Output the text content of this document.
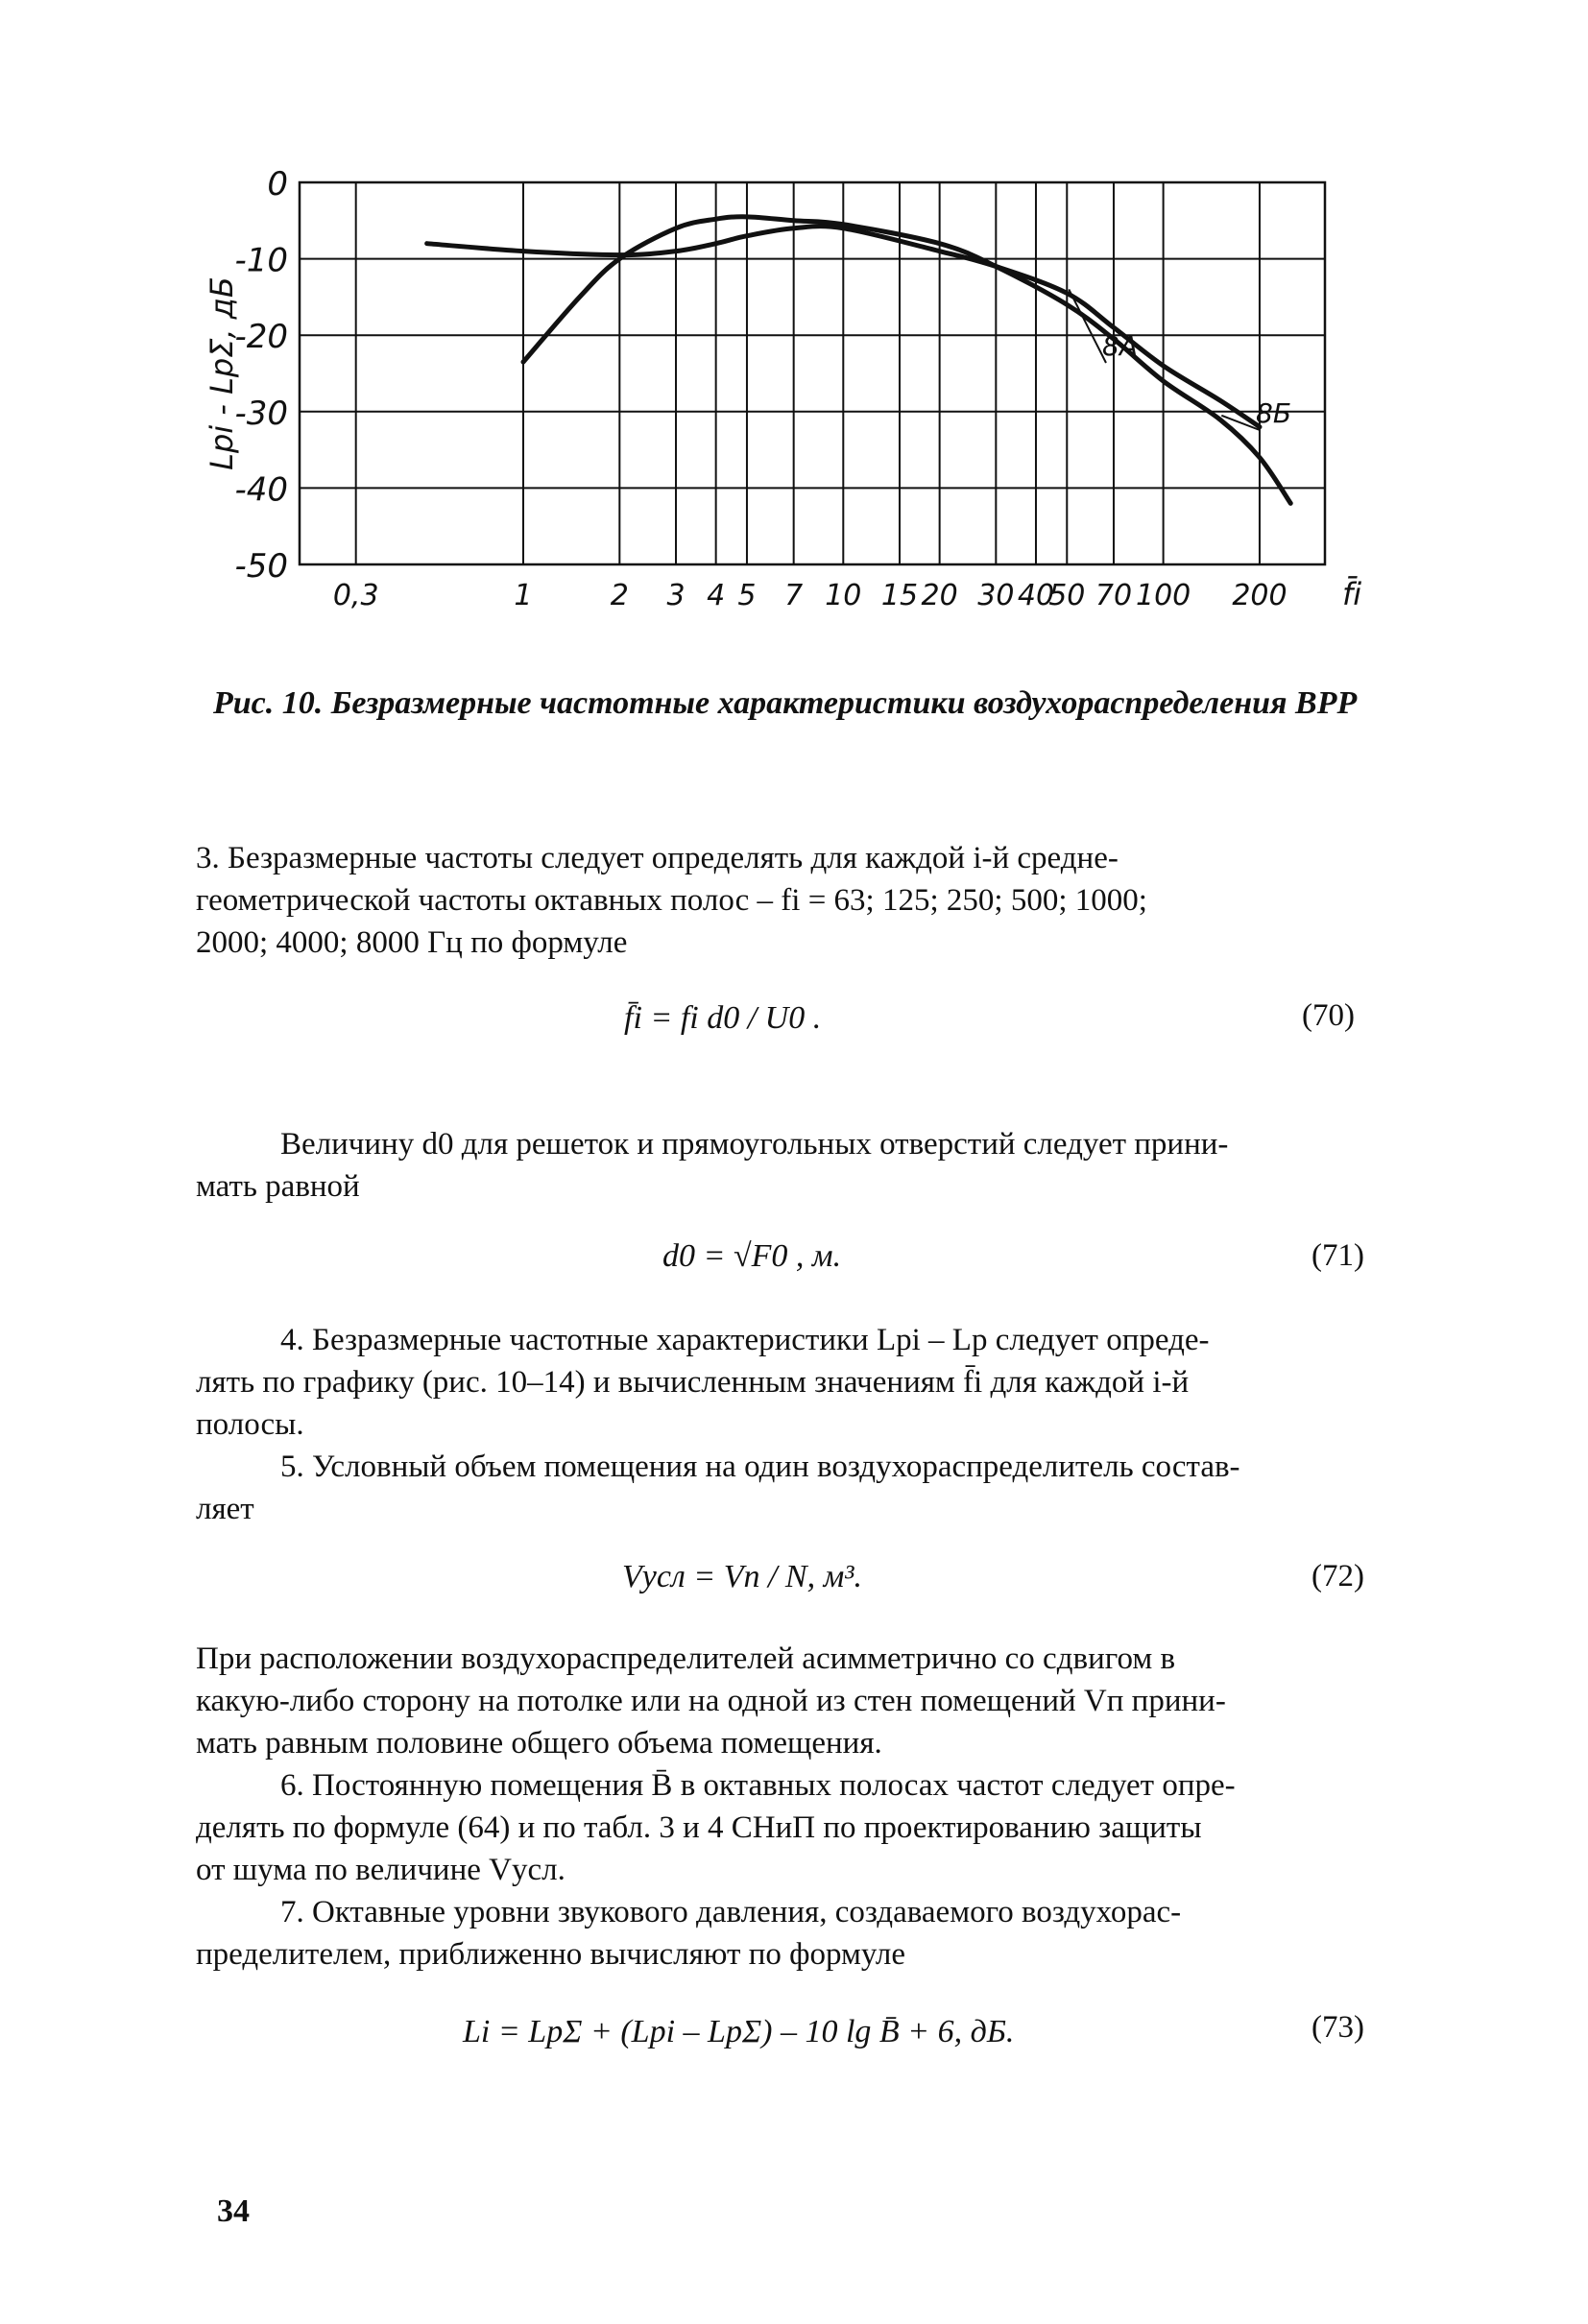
0
-10
-20
-30
-40
-50
0,3	1	2 3 4 5 7 10 15 20 30 40
50 70 100 200 f̄i
Lpi - LpΣ, дБ	8А
8Б
Рис. 10. Безразмерные частотные характеристики воздухораспределения ВРР
3. Безразмерные частоты следует определять для каждой i-й средне-
геометрической частоты октавных полос – fi = 63; 125; 250; 500; 1000;
2000; 4000; 8000 Гц по формуле
f̄i = fi d0 / U0 .	(70)
Величину d0 для решеток и прямоугольных отверстий следует прини-
мать равной
d0 = √F0 , м.	(71)
4. Безразмерные частотные характеристики Lpi – Lp следует опреде-
лять по графику (рис. 10–14) и вычисленным значениям f̄i для каждой i-й
полосы.
5. Условный объем помещения на один воздухораспределитель состав-
ляет
Vусл = Vп / N, м³.	(72)
При расположении воздухораспределителей асимметрично со сдвигом в
какую-либо сторону на потолке или на одной из стен помещений Vп прини-
мать равным половине общего объема помещения.
6. Постоянную помещения B̄ в октавных полосах частот следует опре-
делять по формуле (64) и по табл. 3 и 4 СНиП по проектированию защиты
от шума по величине Vусл.
7. Октавные уровни звукового давления, создаваемого воздухорас-
пределителем, приближенно вычисляют по формуле
Li = LpΣ + (Lpi – LpΣ) – 10 lg B̄ + 6, дБ.	(73)
34
